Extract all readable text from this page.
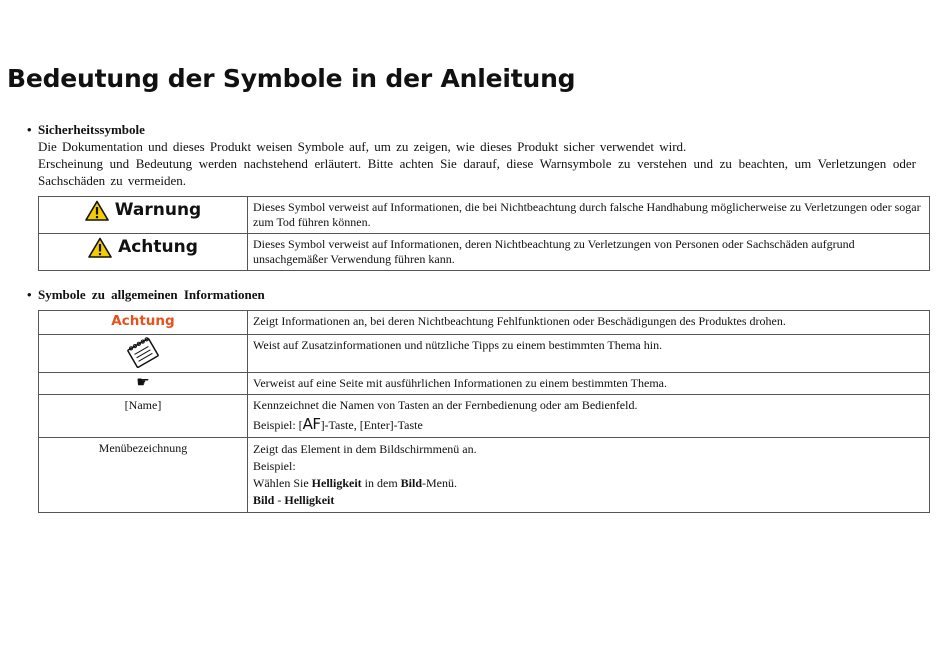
Bedeutung der Symbole in der Anleitung

• Sicherheitssymbole

Die Dokumentation und dieses Produkt weisen Symbole auf, um zu zeigen, wie dieses Produkt sicher verwendet wird.

Erscheinung und Bedeutung werden nachstehend erläutert. Bitte achten Sie darauf, diese Warnsymbole zu verstehen und zu beachten, um Verletzungen oder Sachschäden zu vermeiden.

Warnung	Dieses Symbol verweist auf Informationen, die bei Nichtbeachtung durch falsche Handhabung möglicherweise zu Verletzungen oder sogar zum Tod führen können.

Achtung	Dieses Symbol verweist auf Informationen, deren Nichtbeachtung zu Verletzungen von Personen oder Sachschäden aufgrund unsachgemäßer Verwendung führen kann.

• Symbole zu allgemeinen Informationen

Achtung	Zeigt Informationen an, bei deren Nichtbeachtung Fehlfunktionen oder Beschädigungen des Produktes drohen.
	Weist auf Zusatzinformationen und nützliche Tipps zu einem bestimmten Thema hin.
☛	Verweist auf eine Seite mit ausführlichen Informationen zu einem bestimmten Thema.
[Name]	Kennzeichnet die Namen von Tasten an der Fernbedienung oder am Bedienfeld.
Beispiel: [AF]-Taste, [Enter]-Taste

Menübezeichnung	Zeigt das Element in dem Bildschirmmenü an.
Beispiel:
Wählen Sie Helligkeit in dem Bild-Menü.
Bild - Helligkeit
